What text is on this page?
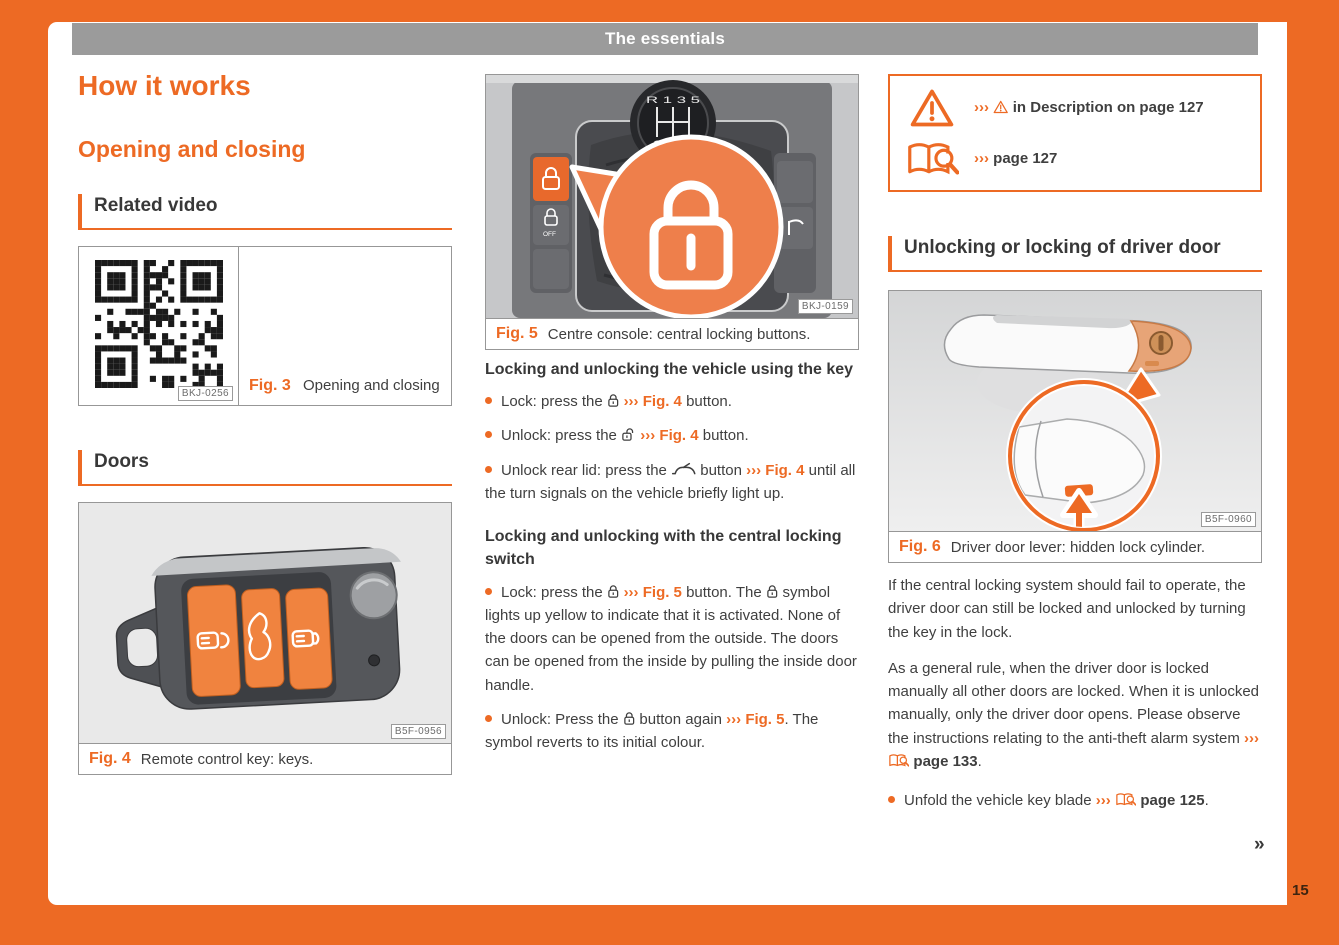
The essentials
How it works
Opening and closing
Related video
BKJ-0256 Fig. 3 Opening and closing
Doors
B5F-0956
Fig. 4 Remote control key: keys.
R 1 3 5
OFF
BKJ-0159
Fig. 5 Centre console: central locking buttons.
Locking and unlocking the vehicle using the key

Lock: press the  ››› Fig. 4 button.

Unlock: press the  ››› Fig. 4 button.

Unlock rear lid: press the  button ››› Fig. 4 until all the turn signals on the vehicle briefly light up.

Locking and unlocking with the central locking switch

Lock: press the  ››› Fig. 5 button. The  symbol lights up yellow to indicate that it is activated. None of the doors can be opened from the outside. The doors can be opened from the inside by pulling the inside door handle.

Unlock: Press the  button again ››› Fig. 5. The symbol reverts to its initial colour.

›››  in Description on page 127
››› page 127
Unlocking or locking of driver door
B5F-0960
Fig. 6 Driver door lever: hidden lock cylinder.

If the central locking system should fail to operate, the driver door can still be locked and unlocked by turning the key in the lock.

As a general rule, when the driver door is locked manually all other doors are locked. When it is unlocked manually, only the driver door opens. Please observe the instructions relating to the anti-theft alarm system ›››  page 133.

Unfold the vehicle key blade ›››  page 125.

»
15
